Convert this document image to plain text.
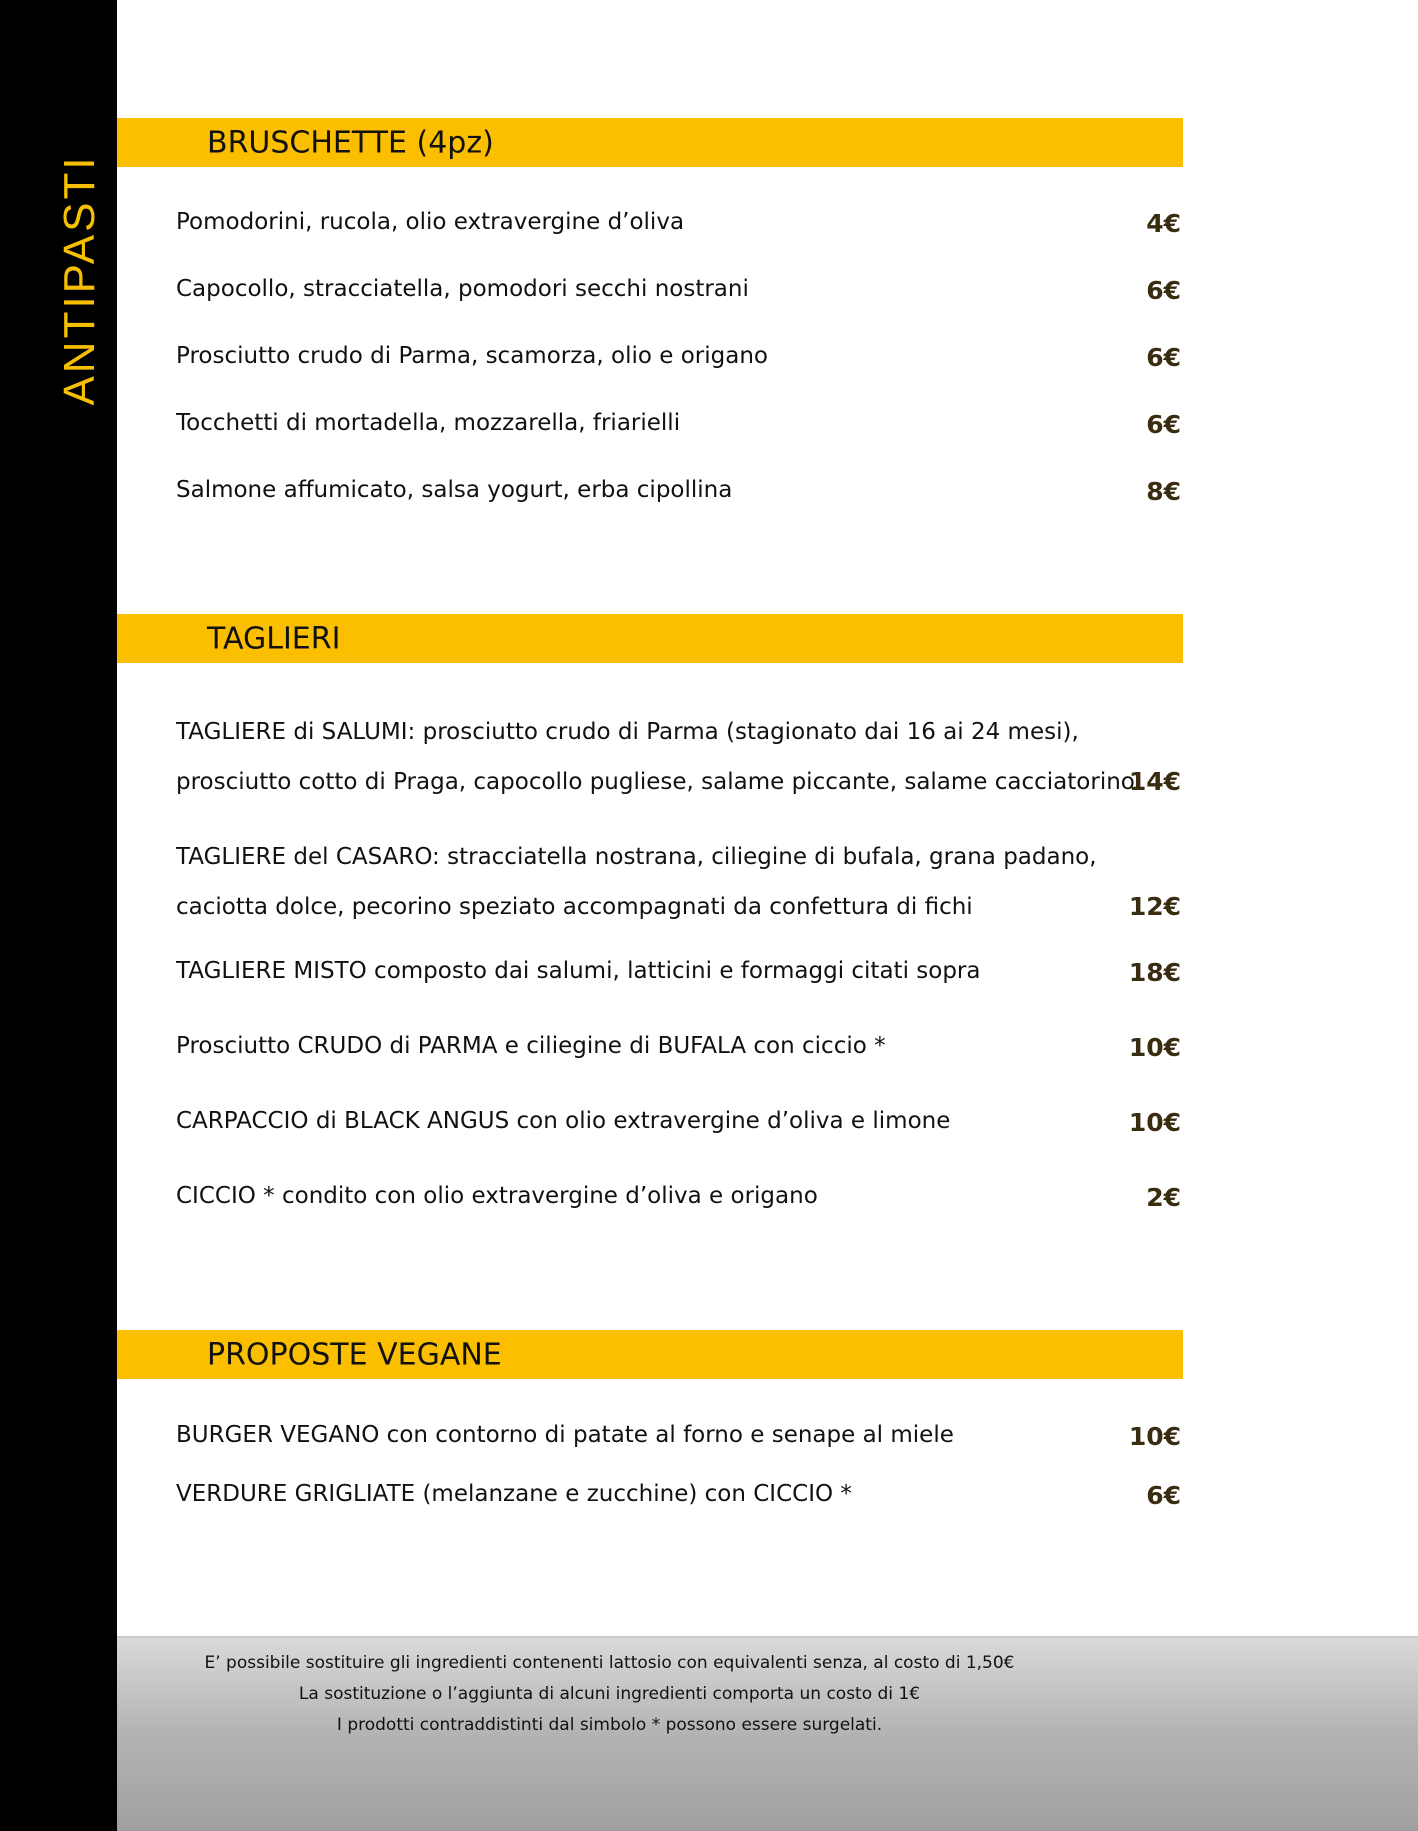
ANTIPASTI
BRUSCHETTE (4pz)
Pomodorini, rucola, olio extravergine d’oliva	4€
Capocollo, stracciatella, pomodori secchi nostrani	6€
Prosciutto crudo di Parma, scamorza, olio e origano	6€
Tocchetti di mortadella, mozzarella, friarielli	6€
Salmone affumicato, salsa yogurt, erba cipollina	8€
TAGLIERI
TAGLIERE di SALUMI: prosciutto crudo di Parma (stagionato dai 16 ai 24 mesi),
prosciutto cotto di Praga, capocollo pugliese, salame piccante, salame cacciatorino
14€
TAGLIERE del CASARO: stracciatella nostrana, ciliegine di bufala, grana padano,
caciotta dolce, pecorino speziato accompagnati da confettura di fichi	12€
TAGLIERE MISTO composto dai salumi, latticini e formaggi citati sopra	18€
Prosciutto CRUDO di PARMA e ciliegine di BUFALA con ciccio *	10€
CARPACCIO di BLACK ANGUS con olio extravergine d’oliva e limone	10€
CICCIO * condito con olio extravergine d’oliva e origano	2€
PROPOSTE VEGANE
BURGER VEGANO con contorno di patate al forno e senape al miele	10€
VERDURE GRIGLIATE (melanzane e zucchine) con CICCIO *	6€
E’ possibile sostituire gli ingredienti contenenti lattosio con equivalenti senza, al costo di 1,50€
La sostituzione o l’aggiunta di alcuni ingredienti comporta un costo di 1€
I prodotti contraddistinti dal simbolo * possono essere surgelati.
